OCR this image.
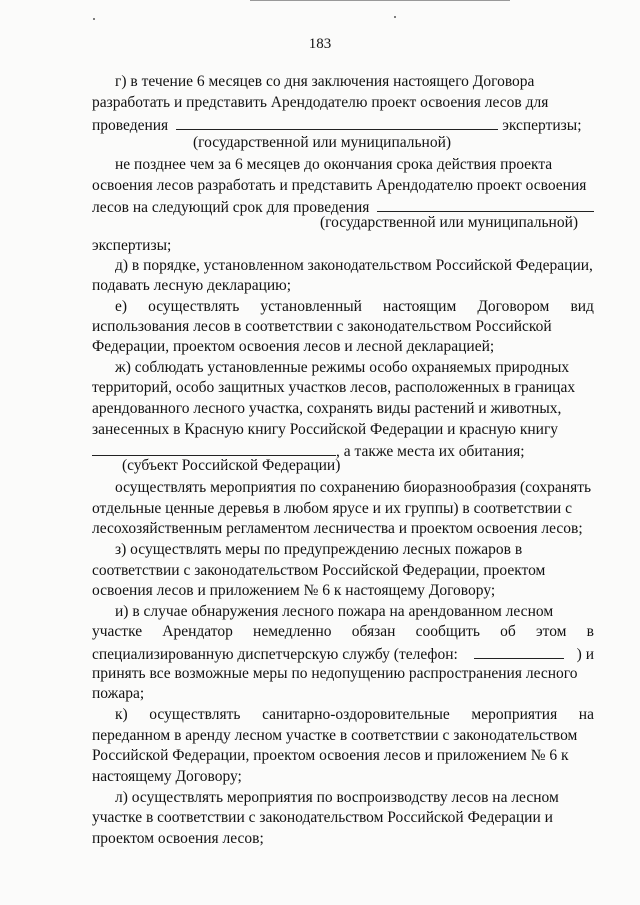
183
г) в течение 6 месяцев со дня заключения настоящего Договора
разработать и представить Арендодателю проект освоения лесов для
проведения	экспертизы;
(государственной или муниципальной)
не позднее чем за 6 месяцев до окончания срока действия проекта
освоения лесов разработать и представить Арендодателю проект освоения
лесов на следующий срок для проведения
(государственной или муниципальной)
экспертизы;
д) в порядке, установленном законодательством Российской Федерации,
подавать лесную декларацию;
е) осуществлять установленный настоящим Договором вид
использования лесов в соответствии с законодательством Российской
Федерации, проектом освоения лесов и лесной декларацией;
ж) соблюдать установленные режимы особо охраняемых природных
территорий, особо защитных участков лесов, расположенных в границах
арендованного лесного участка, сохранять виды растений и животных,
занесенных в Красную книгу Российской Федерации и красную книгу
, а также места их обитания;
(субъект Российской Федерации)
осуществлять мероприятия по сохранению биоразнообразия (сохранять
отдельные ценные деревья в любом ярусе и их группы) в соответствии с
лесохозяйственным регламентом лесничества и проектом освоения лесов;
з) осуществлять меры по предупреждению лесных пожаров в
соответствии с законодательством Российской Федерации, проектом
освоения лесов и приложением № 6 к настоящему Договору;
и) в случае обнаружения лесного пожара на арендованном лесном
участке Арендатор немедленно обязан сообщить об этом в
специализированную диспетчерскую службу (телефон:	) и
принять все возможные меры по недопущению распространения лесного
пожара;
к) осуществлять санитарно-оздоровительные мероприятия на
переданном в аренду лесном участке в соответствии с законодательством
Российской Федерации, проектом освоения лесов и приложением № 6 к
настоящему Договору;
л) осуществлять мероприятия по воспроизводству лесов на лесном
участке в соответствии с законодательством Российской Федерации и
проектом освоения лесов;
